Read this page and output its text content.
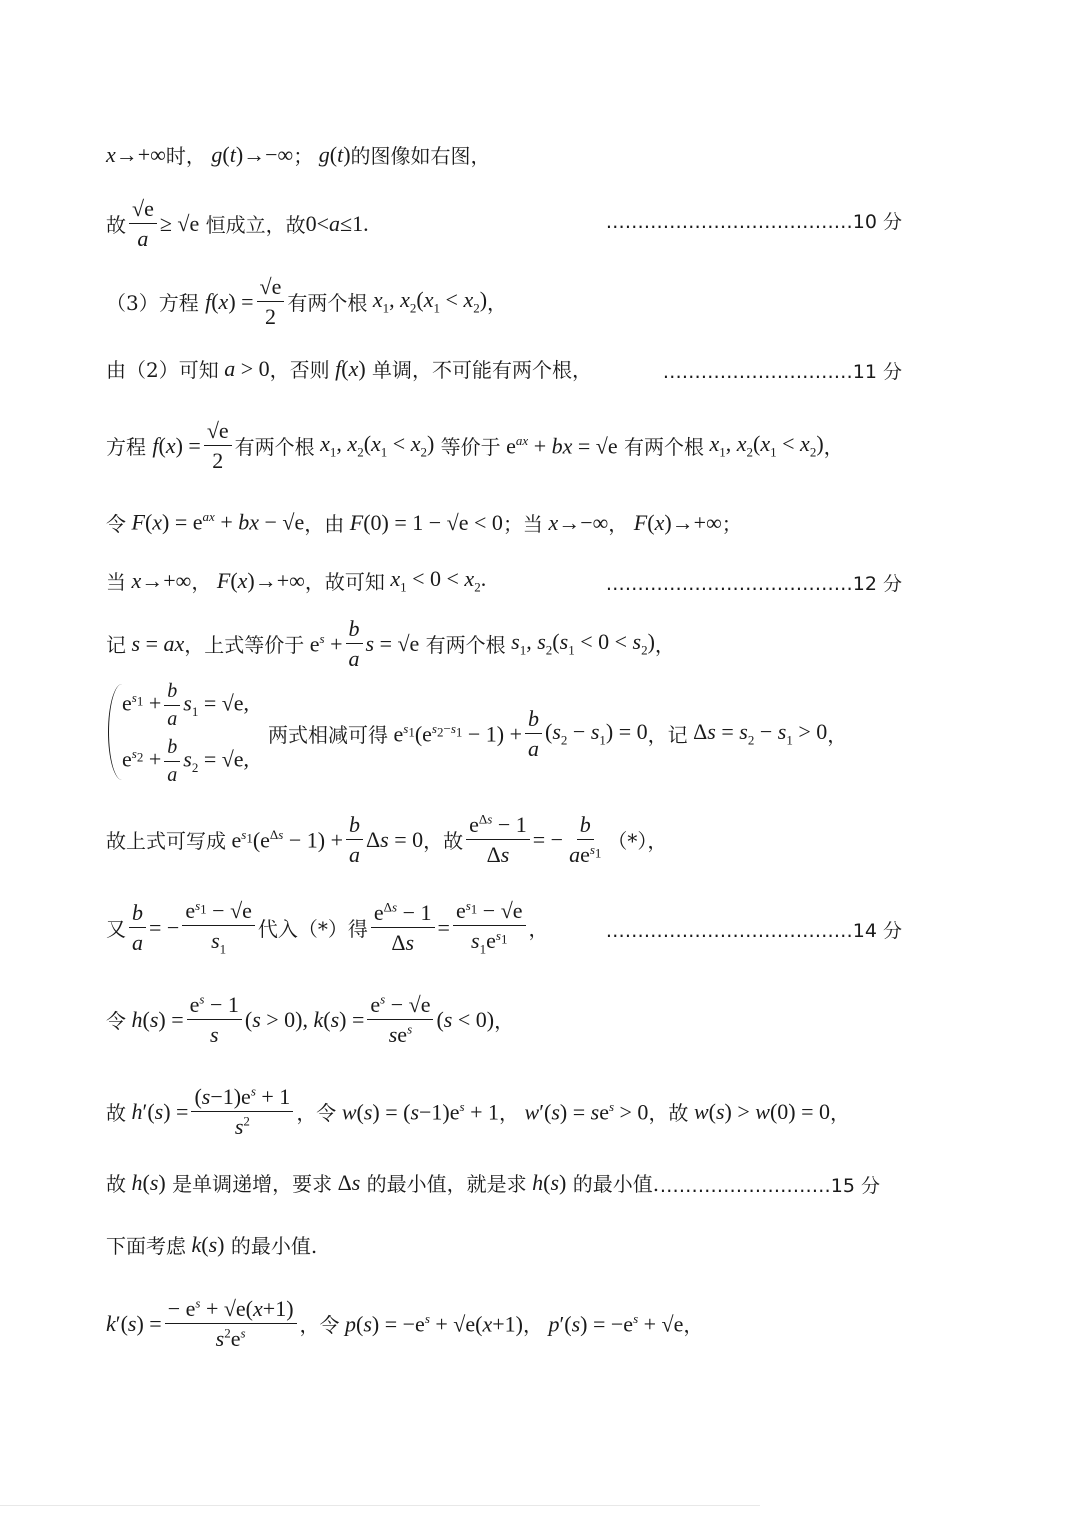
x→+∞ 时， g(t)→−∞ ； g(t) 的图像如右图，
故 $\frac{√e}{a} \ge √e$ 恒成立，故 0<a≤1.	…………………………………10 分
（3）方程 $f(x) = \frac{√e}{2}$ 有两个根 $x_1$, $x_2(x_1 < x_2)$ ，
由（2）可知 a > 0 ，否则 f(x) 单调，不可能有两个根，	…………………………11 分
方程 $f(x) = \frac{√e}{2}$ 有两个根 $x_1$, $x_2(x_1 < x_2)$ 等价于 $e^{ax}$ + bx = √e 有两个根 $x_1$, $x_2(x_1 < x_2)$ ，
令 $F(x) = e^{ax}$ + bx − √e ，由 F(0) = 1 − √e < 0 ；当 x→−∞ ， F(x)→+∞ ；
当 x→+∞ ， F(x)→+∞ ，故可知 $x_1 < 0 < x_2$.	…………………………………12 分
记 s = ax ，上式等价于 $e^s + \frac{b}{a}$ s = √e 有两个根 $s_1$, $s_2(s_1 < 0 < s_2)$ ，
$e^{s_1} + \frac{b}{a} s_1 = √e$,
$e^{s_2} + \frac{b}{a} s_2 = √e$,
两式相减可得 $e^{s_1}(e^{s_2-s_1} - 1) + \frac{b}{a} (s_2 - s_1) = 0$ ，记 $\Delta s = s_2 - s_1 > 0$ ，
故上式可写成 $e^{s_1}(e^{\Delta s} - 1) + \frac{b}{a}$ Δs = 0 ，故 $\frac{e^{\Delta s} - 1}{\Delta s}$ = − $\frac{b}{ae^{s_1}}$ （*），
又 $\frac{b}{a}$ = − $\frac{e^{s_1} - √e}{s_1}$ 代入（*）得 $\frac{e^{\Delta s} - 1}{\Delta s} = \frac{e^{s_1} - √e}{s_1e^{s_1}}$ ，	…………………………………14 分
令 $h(s) = \frac{e^s - 1}{s} (s > 0)$, $k(s) = \frac{e^s - √e}{se^s} (s < 0)$ ，
故 $h'(s) = \frac{(s-1)e^s + 1}{s^2}$ ，令 $w(s) = (s-1)e^s + 1$ ， $w'(s) = se^s > 0$ ，故 w(s) > w(0) = 0 ，
故 h(s) 是单调递增，要求 Δs 的最小值，就是求 h(s) 的最小值. ………………………15 分
下面考虑 k(s) 的最小值.
$k'(s) = \frac{- e^s + √e(x+1)}{s^2e^s}$ ，令 $p(s) = -e^s + √e(x+1)$ ， $p'(s) = -e^s + √e$ ，
